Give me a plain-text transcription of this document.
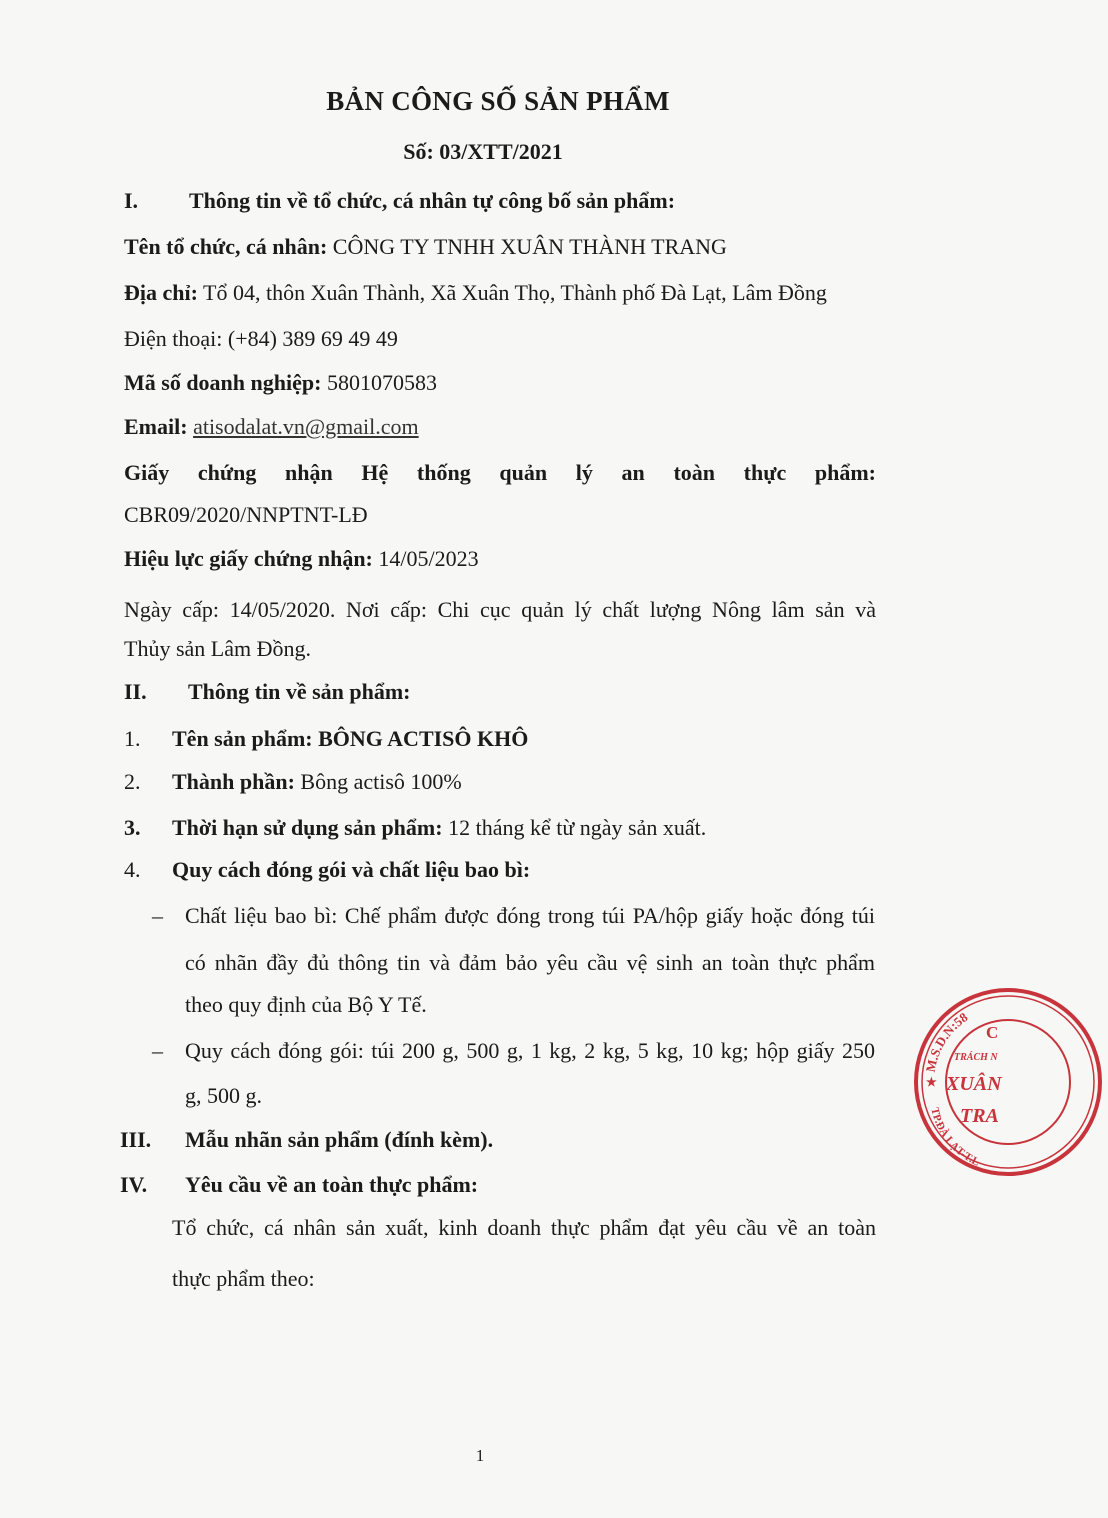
BẢN CÔNG SỐ SẢN PHẨM
Số: 03/XTT/2021
I. Thông tin về tổ chức, cá nhân tự công bố sản phẩm:
Tên tổ chức, cá nhân: CÔNG TY TNHH XUÂN THÀNH TRANG
Địa chỉ: Tổ 04, thôn Xuân Thành, Xã Xuân Thọ, Thành phố Đà Lạt, Lâm Đồng
Điện thoại: (+84) 389 69 49 49
Mã số doanh nghiệp: 5801070583
Email: atisodalat.vn@gmail.com
Giấy chứng nhận Hệ thống quản lý an toàn thực phẩm:
CBR09/2020/NNPTNT-LĐ
Hiệu lực giấy chứng nhận: 14/05/2023
Ngày cấp: 14/05/2020. Nơi cấp: Chi cục quản lý chất lượng Nông lâm sản và
Thủy sản Lâm Đồng.
II. Thông tin về sản phẩm:
1. Tên sản phẩm: BÔNG ACTISÔ KHÔ
2. Thành phần: Bông actisô 100%
3. Thời hạn sử dụng sản phẩm: 12 tháng kể từ ngày sản xuất.
4. Quy cách đóng gói và chất liệu bao bì:
– Chất liệu bao bì: Chế phẩm được đóng trong túi PA/hộp giấy hoặc đóng túi
có nhãn đầy đủ thông tin và đảm bảo yêu cầu vệ sinh an toàn thực phẩm
theo quy định của Bộ Y Tế.
– Quy cách đóng gói: túi 200 g, 500 g, 1 kg, 2 kg, 5 kg, 10 kg; hộp giấy 250
g, 500 g.
III. Mẫu nhãn sản phẩm (đính kèm).
IV. Yêu cầu về an toàn thực phẩm:
Tổ chức, cá nhân sản xuất, kinh doanh thực phẩm đạt yêu cầu về an toàn
thực phẩm theo:
1
M.S.D.N:58
TP.ĐÀ LẠT-T.L
C
TRÁCH N
XUÂN
TRA
★
